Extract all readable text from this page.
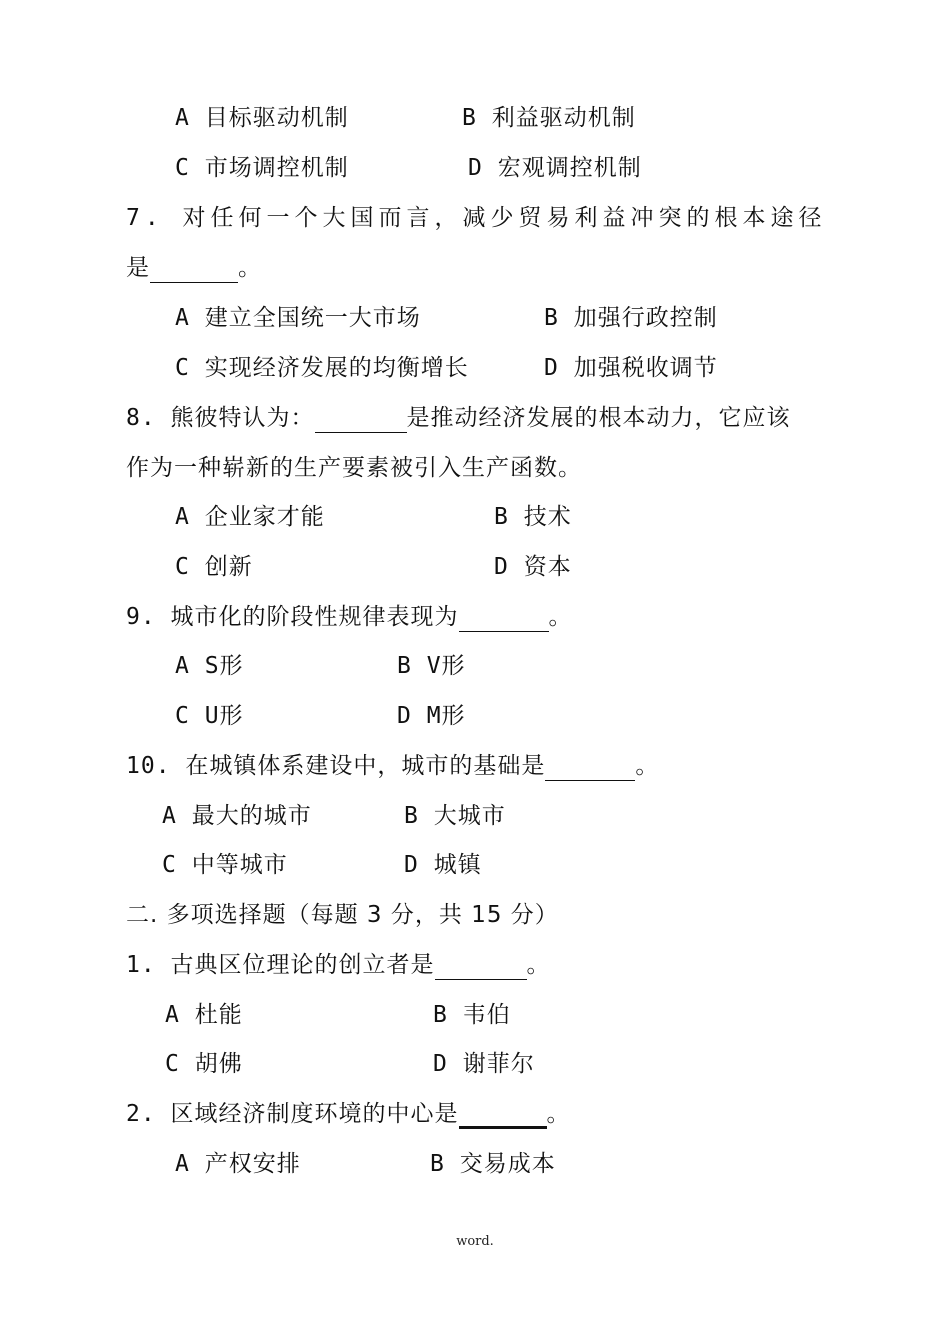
A 目标驱动机制	B 利益驱动机制
C 市场调控机制	D 宏观调控机制
7. 对任何一个大国而言，减少贸易利益冲突的根本途径
是	。
A 建立全国统一大市场	B 加强行政控制
C 实现经济发展的均衡增长	D 加强税收调节
8. 熊彼特认为：	是推动经济发展的根本动力，它应该
作为一种崭新的生产要素被引入生产函数。
A 企业家才能	B 技术
C 创新	D 资本
9. 城市化的阶段性规律表现为	。
A S形	B V形
C U形	D M形
10. 在城镇体系建设中，城市的基础是	。
A 最大的城市	B 大城市
C 中等城市	D 城镇
二. 多项选择题（每题 3 分，共 15 分）
1. 古典区位理论的创立者是	。
A 杜能	B 韦伯
C 胡佛	D 谢菲尔
2. 区域经济制度环境的中心是	。
A 产权安排	B 交易成本
word.
